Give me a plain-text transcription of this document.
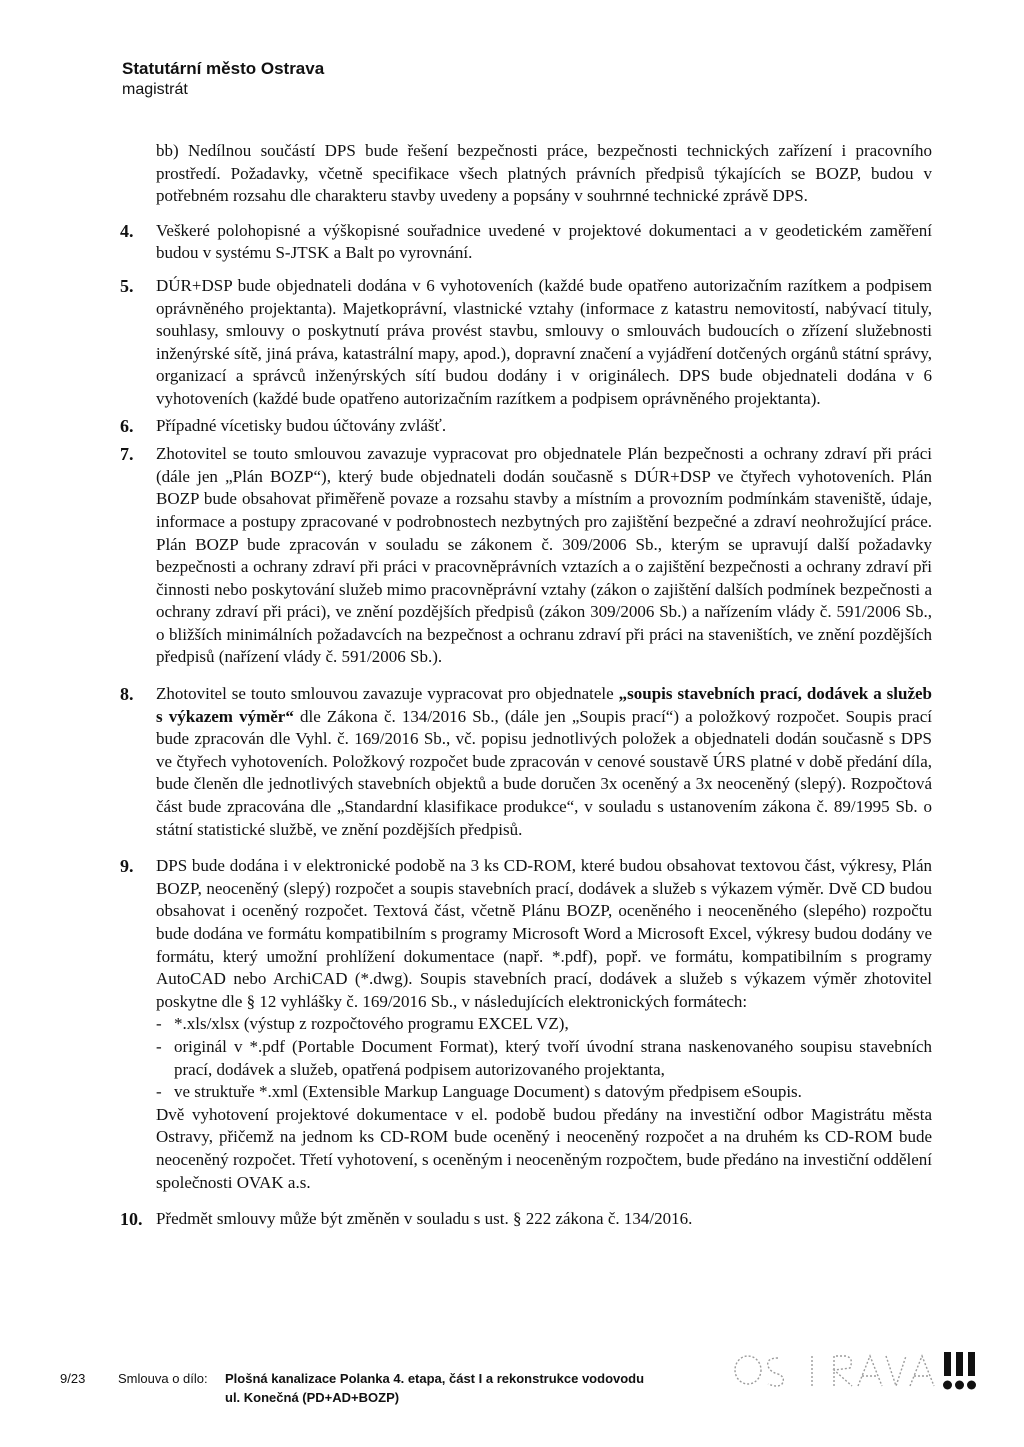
Statutární město Ostrava
magistrát
bb) Nedílnou součástí DPS bude řešení bezpečnosti práce, bezpečnosti technických zařízení i pracovního prostředí. Požadavky, včetně specifikace všech platných právních předpisů týkajících se BOZP, budou v potřebném rozsahu dle charakteru stavby uvedeny a popsány v souhrnné technické zprávě DPS.
4. Veškeré polohopisné a výškopisné souřadnice uvedené v projektové dokumentaci a v geodetickém zaměření budou v systému S-JTSK a Balt po vyrovnání.
5. DÚR+DSP bude objednateli dodána v 6 vyhotoveních (každé bude opatřeno autorizačním razítkem a podpisem oprávněného projektanta). Majetkoprávní, vlastnické vztahy (informace z katastru nemovitostí, nabývací tituly, souhlasy, smlouvy o poskytnutí práva provést stavbu, smlouvy o smlouvách budoucích o zřízení služebnosti inženýrské sítě, jiná práva, katastrální mapy, apod.), dopravní značení a vyjádření dotčených orgánů státní správy, organizací a správců inženýrských sítí budou dodány i v originálech. DPS bude objednateli dodána v 6 vyhotoveních (každé bude opatřeno autorizačním razítkem a podpisem oprávněného projektanta).
6. Případné vícetisky budou účtovány zvlášť.
7. Zhotovitel se touto smlouvou zavazuje vypracovat pro objednatele Plán bezpečnosti a ochrany zdraví při práci (dále jen „Plán BOZP“), který bude objednateli dodán současně s DÚR+DSP ve čtyřech vyhotoveních. Plán BOZP bude obsahovat přiměřeně povaze a rozsahu stavby a místním a provozním podmínkám staveniště, údaje, informace a postupy zpracované v podrobnostech nezbytných pro zajištění bezpečné a zdraví neohrožující práce. Plán BOZP bude zpracován v souladu se zákonem č. 309/2006 Sb., kterým se upravují další požadavky bezpečnosti a ochrany zdraví při práci v pracovněprávních vztazích a o zajištění bezpečnosti a ochrany zdraví při činnosti nebo poskytování služeb mimo pracovněprávní vztahy (zákon o zajištění dalších podmínek bezpečnosti a ochrany zdraví při práci), ve znění pozdějších předpisů (zákon 309/2006 Sb.) a nařízením vlády č. 591/2006 Sb., o bližších minimálních požadavcích na bezpečnost a ochranu zdraví při práci na staveništích, ve znění pozdějších předpisů (nařízení vlády č. 591/2006 Sb.).
8. Zhotovitel se touto smlouvou zavazuje vypracovat pro objednatele „soupis stavebních prací, dodávek a služeb s výkazem výměr“ dle Zákona č. 134/2016 Sb., (dále jen „Soupis prací“) a položkový rozpočet. Soupis prací bude zpracován dle Vyhl. č. 169/2016 Sb., vč. popisu jednotlivých položek a objednateli dodán současně s DPS ve čtyřech vyhotoveních. Položkový rozpočet bude zpracován v cenové soustavě ÚRS platné v době předání díla, bude členěn dle jednotlivých stavebních objektů a bude doručen 3x oceněný a 3x neoceněný (slepý). Rozpočtová část bude zpracována dle „Standardní klasifikace produkce“, v souladu s ustanovením zákona č. 89/1995 Sb. o státní statistické službě, ve znění pozdějších předpisů.
9. DPS bude dodána i v elektronické podobě na 3 ks CD-ROM, které budou obsahovat textovou část, výkresy, Plán BOZP, neoceněný (slepý) rozpočet a soupis stavebních prací, dodávek a služeb s výkazem výměr. Dvě CD budou obsahovat i oceněný rozpočet. Textová část, včetně Plánu BOZP, oceněného i neoceněného (slepého) rozpočtu bude dodána ve formátu kompatibilním s programy Microsoft Word a Microsoft Excel, výkresy budou dodány ve formátu, který umožní prohlížení dokumentace (např. *.pdf), popř. ve formátu, kompatibilním s programy AutoCAD nebo ArchiCAD (*.dwg). Soupis stavebních prací, dodávek a služeb s výkazem výměr zhotovitel poskytne dle § 12 vyhlášky č. 169/2016 Sb., v následujících elektronických formátech:
- *.xls/xlsx (výstup z rozpočtového programu EXCEL VZ),
- originál v *.pdf (Portable Document Format), který tvoří úvodní strana naskenovaného soupisu stavebních prací, dodávek a služeb, opatřená podpisem autorizovaného projektanta,
- ve struktuře *.xml (Extensible Markup Language Document) s datovým předpisem eSoupis.
Dvě vyhotovení projektové dokumentace v el. podobě budou předány na investiční odbor Magistrátu města Ostravy, přičemž na jednom ks CD-ROM bude oceněný i neoceněný rozpočet a na druhém ks CD-ROM bude neoceněný rozpočet. Třetí vyhotovení, s oceněným i neoceněným rozpočtem, bude předáno na investiční oddělení společnosti OVAK a.s.
10. Předmět smlouvy může být změněn v souladu s ust. § 222 zákona č. 134/2016.
9/23	Smlouva o dílo: Plošná kanalizace Polanka 4. etapa, část I a rekonstrukce vodovodu
ul. Konečná (PD+AD+BOZP)
